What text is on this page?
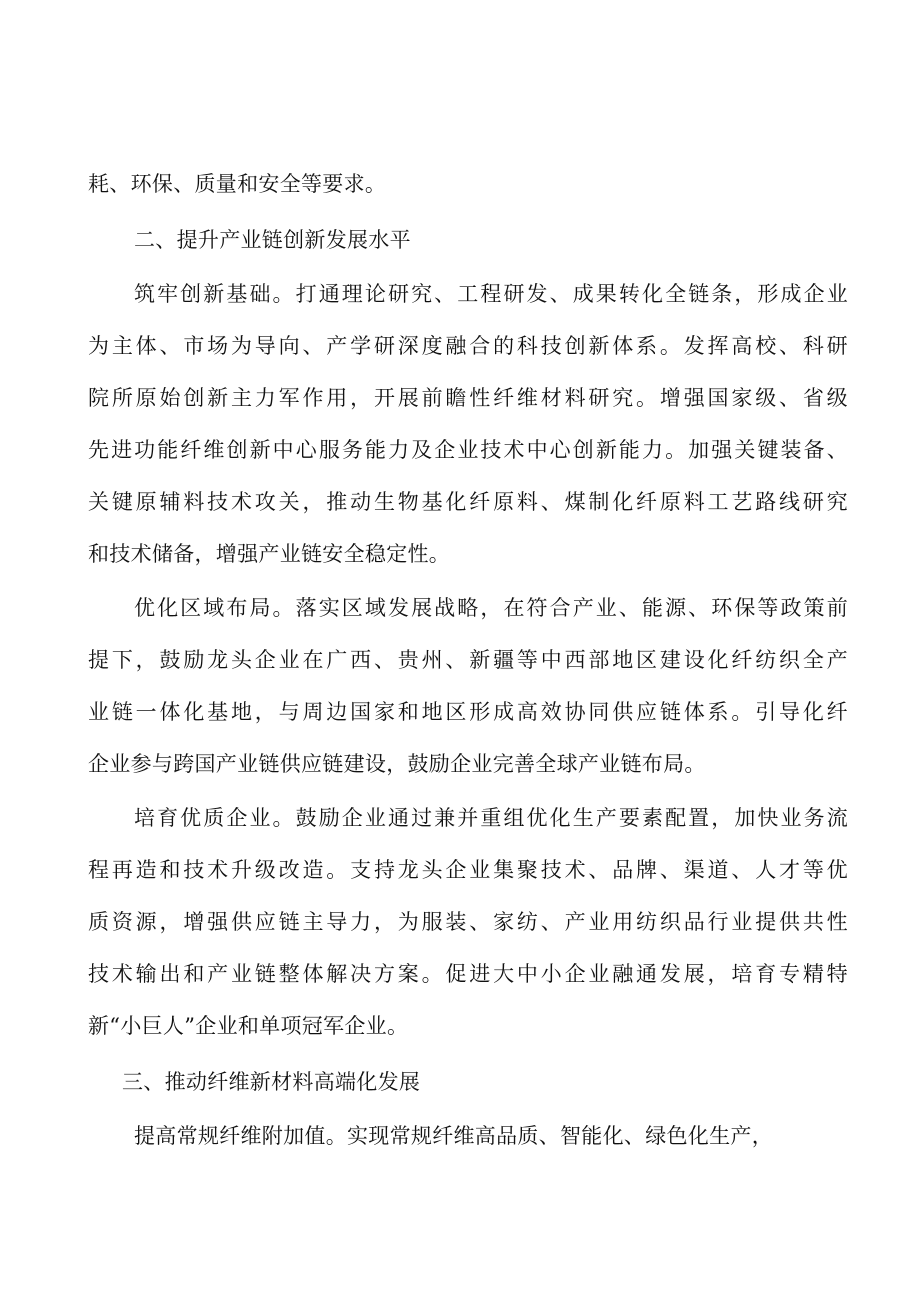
耗、环保、质量和安全等要求。
二、提升产业链创新发展水平
筑牢创新基础。打通理论研究、工程研发、成果转化全链条，形成企业
为主体、市场为导向、产学研深度融合的科技创新体系。发挥高校、科研
院所原始创新主力军作用，开展前瞻性纤维材料研究。增强国家级、省级
先进功能纤维创新中心服务能力及企业技术中心创新能力。加强关键装备、
关键原辅料技术攻关，推动生物基化纤原料、煤制化纤原料工艺路线研究
和技术储备，增强产业链安全稳定性。
优化区域布局。落实区域发展战略，在符合产业、能源、环保等政策前
提下，鼓励龙头企业在广西、贵州、新疆等中西部地区建设化纤纺织全产
业链一体化基地，与周边国家和地区形成高效协同供应链体系。引导化纤
企业参与跨国产业链供应链建设，鼓励企业完善全球产业链布局。
培育优质企业。鼓励企业通过兼并重组优化生产要素配置，加快业务流
程再造和技术升级改造。支持龙头企业集聚技术、品牌、渠道、人才等优
质资源，增强供应链主导力，为服装、家纺、产业用纺织品行业提供共性
技术输出和产业链整体解决方案。促进大中小企业融通发展，培育专精特
新“小巨人”企业和单项冠军企业。
三、推动纤维新材料高端化发展
提高常规纤维附加值。实现常规纤维高品质、智能化、绿色化生产，
